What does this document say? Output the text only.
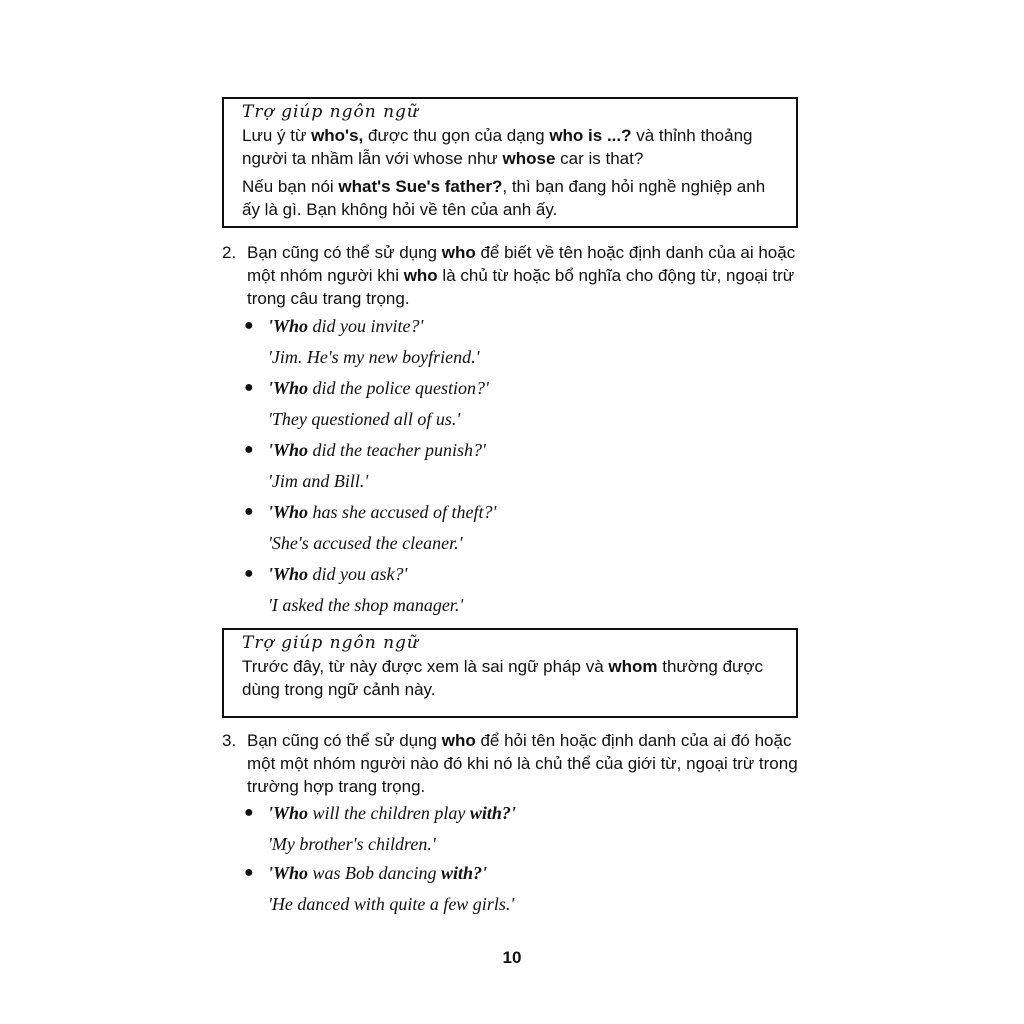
Trợ giúp ngôn ngữ
Lưu ý từ who's, được thu gọn của dạng who is ...? và thỉnh thoảng người ta nhầm lẫn với whose như whose car is that?
Nếu bạn nói what's Sue's father?, thì bạn đang hỏi nghề nghiệp anh ấy là gì. Bạn không hỏi về tên của anh ấy.
2. Bạn cũng có thể sử dụng who để biết về tên hoặc định danh của ai hoặc một nhóm người khi who là chủ từ hoặc bổ nghĩa cho động từ, ngoại trừ trong câu trang trọng.
● 'Who did you invite?'
'Jim. He's my new boyfriend.'
● 'Who did the police question?'
'They questioned all of us.'
● 'Who did the teacher punish?'
'Jim and Bill.'
● 'Who has she accused of theft?'
'She's accused the cleaner.'
● 'Who did you ask?'
'I asked the shop manager.'
Trợ giúp ngôn ngữ
Trước đây, từ này được xem là sai ngữ pháp và whom thường được dùng trong ngữ cảnh này.
3. Bạn cũng có thể sử dụng who để hỏi tên hoặc định danh của ai đó hoặc một một nhóm người nào đó khi nó là chủ thể của giới từ, ngoại trừ trong trường hợp trang trọng.
● 'Who will the children play with?'
'My brother's children.'
● 'Who was Bob dancing with?'
'He danced with quite a few girls.'
10
